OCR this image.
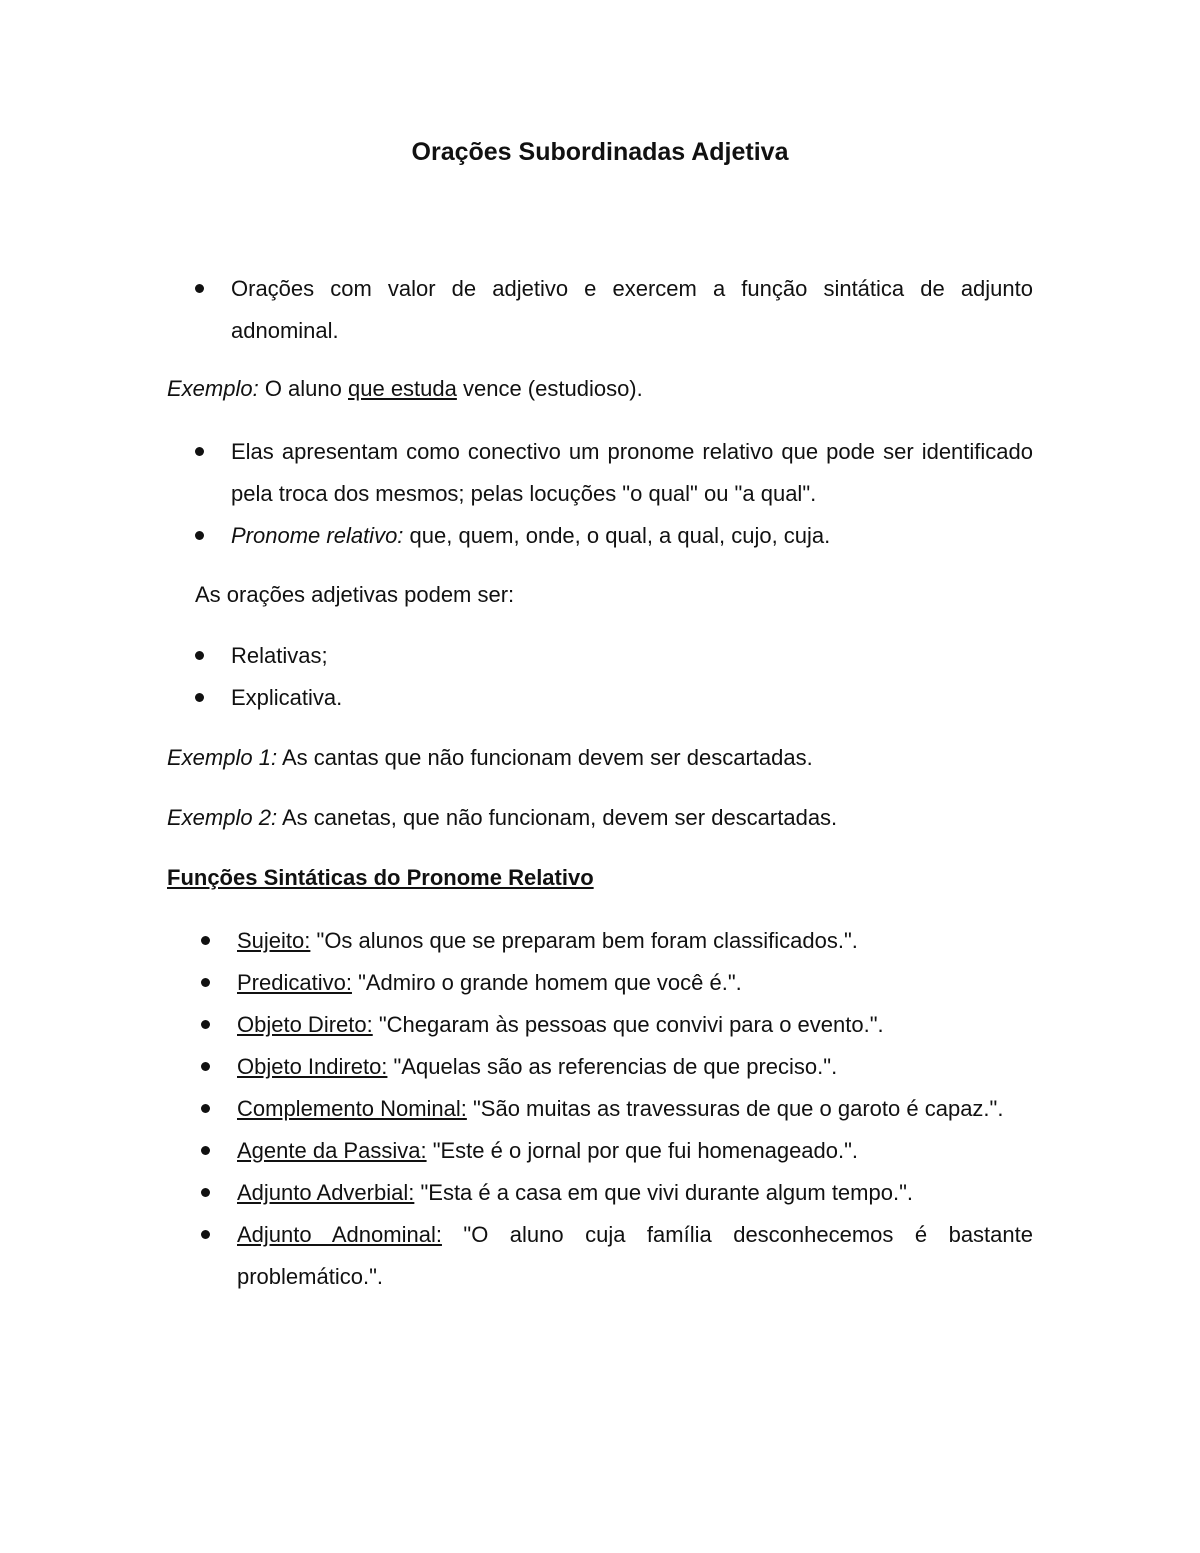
Orações Subordinadas Adjetiva
Orações com valor de adjetivo e exercem a função sintática de adjunto adnominal.

Exemplo: O aluno que estuda vence (estudioso).

Elas apresentam como conectivo um pronome relativo que pode ser identificado pela troca dos mesmos; pelas locuções "o qual" ou "a qual".
Pronome relativo: que, quem, onde, o qual, a qual, cujo, cuja.

As orações adjetivas podem ser:

Relativas;
Explicativa.

Exemplo 1: As cantas que não funcionam devem ser descartadas.

Exemplo 2: As canetas, que não funcionam, devem ser descartadas.

Funções Sintáticas do Pronome Relativo

Sujeito: "Os alunos que se preparam bem foram classificados.".
Predicativo: "Admiro o grande homem que você é.".
Objeto Direto: "Chegaram às pessoas que convivi para o evento.".
Objeto Indireto: "Aquelas são as referencias de que preciso.".
Complemento Nominal: "São muitas as travessuras de que o garoto é capaz.".
Agente da Passiva: "Este é o jornal por que fui homenageado.".
Adjunto Adverbial: "Esta é a casa em que vivi durante algum tempo.".
Adjunto Adnominal: "O aluno cuja família desconhecemos é bastante problemático.".
